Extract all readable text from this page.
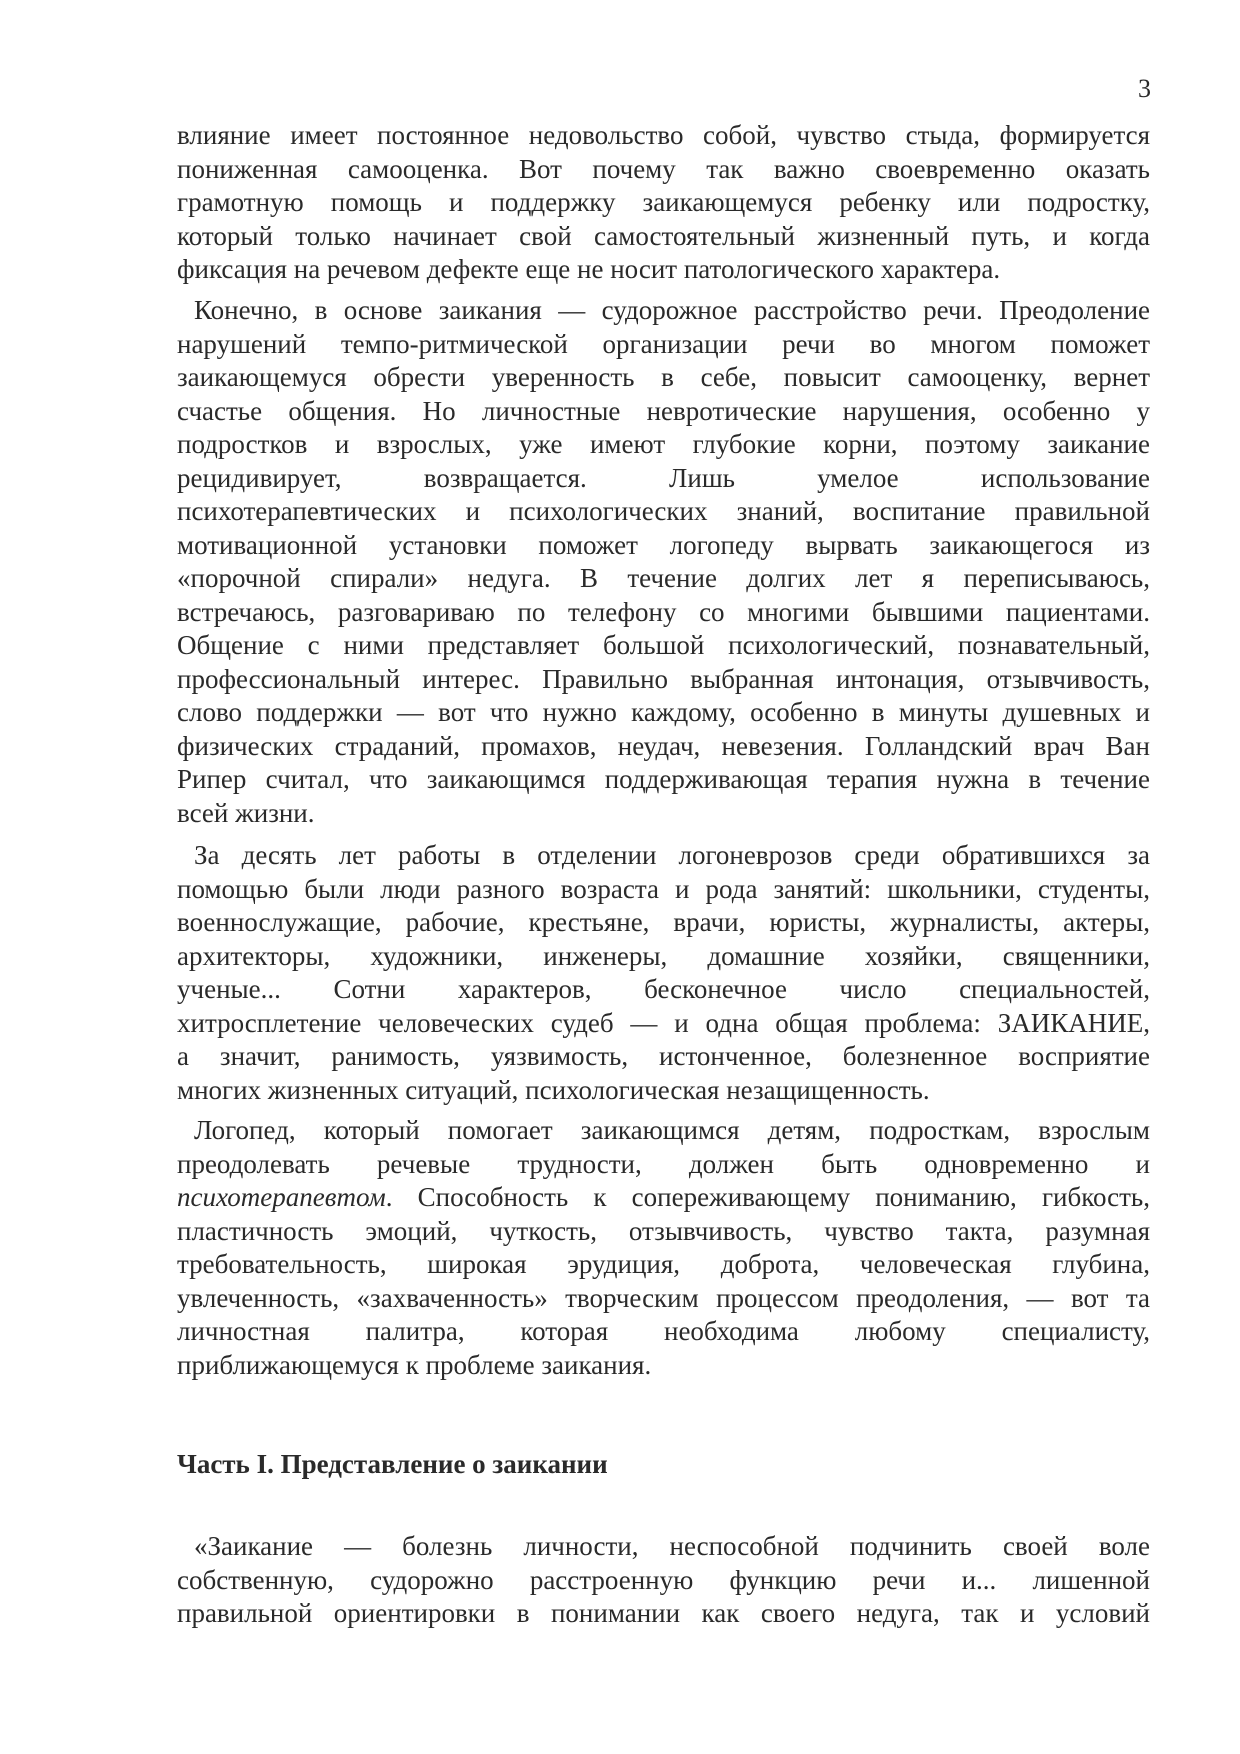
3
влияние имеет постоянное недовольство собой, чувство стыда, формируется
пониженная самооценка. Вот почему так важно своевременно оказать
грамотную помощь и поддержку заикающемуся ребенку или подростку,
который только начинает свой самостоятельный жизненный путь, и когда
фиксация на речевом дефекте еще не носит патологического характера.
Конечно, в основе заикания — судорожное расстройство речи. Преодоление
нарушений темпо-ритмической организации речи во многом поможет
заикающемуся обрести уверенность в себе, повысит самооценку, вернет
счастье общения. Но личностные невротические нарушения, особенно у
подростков и взрослых, уже имеют глубокие корни, поэтому заикание
рецидивирует, возвращается. Лишь умелое использование
психотерапевтических и психологических знаний, воспитание правильной
мотивационной установки поможет логопеду вырвать заикающегося из
«порочной спирали» недуга. В течение долгих лет я переписываюсь,
встречаюсь, разговариваю по телефону со многими бывшими пациентами.
Общение с ними представляет большой психологический, познавательный,
профессиональный интерес. Правильно выбранная интонация, отзывчивость,
слово поддержки — вот что нужно каждому, особенно в минуты душевных и
физических страданий, промахов, неудач, невезения. Голландский врач Ван
Рипер считал, что заикающимся поддерживающая терапия нужна в течение
всей жизни.
За десять лет работы в отделении логоневрозов среди обратившихся за
помощью были люди разного возраста и рода занятий: школьники, студенты,
военнослужащие, рабочие, крестьяне, врачи, юристы, журналисты, актеры,
архитекторы, художники, инженеры, домашние хозяйки, священники,
ученые... Сотни характеров, бесконечное число специальностей,
хитросплетение человеческих судеб — и одна общая проблема: ЗАИКАНИЕ,
а значит, ранимость, уязвимость, истонченное, болезненное восприятие
многих жизненных ситуаций, психологическая незащищенность.
Логопед, который помогает заикающимся детям, подросткам, взрослым
преодолевать речевые трудности, должен быть одновременно и
психотерапевтом. Способность к сопереживающему пониманию, гибкость,
пластичность эмоций, чуткость, отзывчивость, чувство такта, разумная
требовательность, широкая эрудиция, доброта, человеческая глубина,
увлеченность, «захваченность» творческим процессом преодоления, — вот та
личностная палитра, которая необходима любому специалисту,
приближающемуся к проблеме заикания.
Часть I. Представление о заикании
«Заикание — болезнь личности, неспособной подчинить своей воле
собственную, судорожно расстроенную функцию речи и... лишенной
правильной ориентировки в понимании как своего недуга, так и условий
